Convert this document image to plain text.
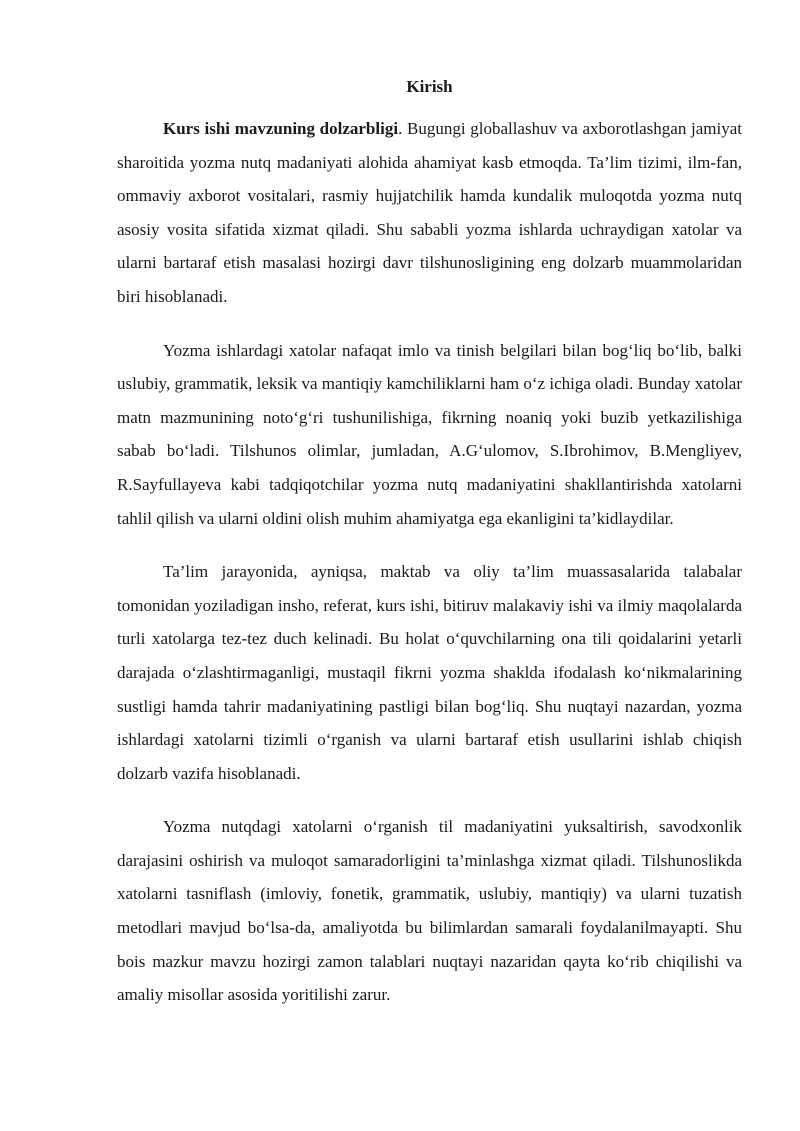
Kirish

Kurs ishi mavzuning dolzarbligi. Bugungi globallashuv va axborotlashgan jamiyat sharoitida yozma nutq madaniyati alohida ahamiyat kasb etmoqda. Ta’lim tizimi, ilm-fan, ommaviy axborot vositalari, rasmiy hujjatchilik hamda kundalik muloqotda yozma nutq asosiy vosita sifatida xizmat qiladi. Shu sababli yozma ishlarda uchraydigan xatolar va ularni bartaraf etish masalasi hozirgi davr tilshunosligining eng dolzarb muammolaridan biri hisoblanadi.

Yozma ishlardagi xatolar nafaqat imlo va tinish belgilari bilan bog‘liq bo‘lib, balki uslubiy, grammatik, leksik va mantiqiy kamchiliklarni ham o‘z ichiga oladi. Bunday xatolar matn mazmunining noto‘g‘ri tushunilishiga, fikrning noaniq yoki buzib yetkazilishiga sabab bo‘ladi. Tilshunos olimlar, jumladan, A.G‘ulomov, S.Ibrohimov, B.Mengliyev, R.Sayfullayeva kabi tadqiqotchilar yozma nutq madaniyatini shakllantirishda xatolarni tahlil qilish va ularni oldini olish muhim ahamiyatga ega ekanligini ta’kidlaydilar.

Ta’lim jarayonida, ayniqsa, maktab va oliy ta’lim muassasalarida talabalar tomonidan yoziladigan insho, referat, kurs ishi, bitiruv malakaviy ishi va ilmiy maqolalarda turli xatolarga tez-tez duch kelinadi. Bu holat o‘quvchilarning ona tili qoidalarini yetarli darajada o‘zlashtirmaganligi, mustaqil fikrni yozma shaklda ifodalash ko‘nikmalarining sustligi hamda tahrir madaniyatining pastligi bilan bog‘liq. Shu nuqtayi nazardan, yozma ishlardagi xatolarni tizimli o‘rganish va ularni bartaraf etish usullarini ishlab chiqish dolzarb vazifa hisoblanadi.

Yozma nutqdagi xatolarni o‘rganish til madaniyatini yuksaltirish, savodxonlik darajasini oshirish va muloqot samaradorligini ta’minlashga xizmat qiladi. Tilshunoslikda xatolarni tasniflash (imloviy, fonetik, grammatik, uslubiy, mantiqiy) va ularni tuzatish metodlari mavjud bo‘lsa-da, amaliyotda bu bilimlardan samarali foydalanilmayapti. Shu bois mazkur mavzu hozirgi zamon talablari nuqtayi nazaridan qayta ko‘rib chiqilishi va amaliy misollar asosida yoritilishi zarur.
